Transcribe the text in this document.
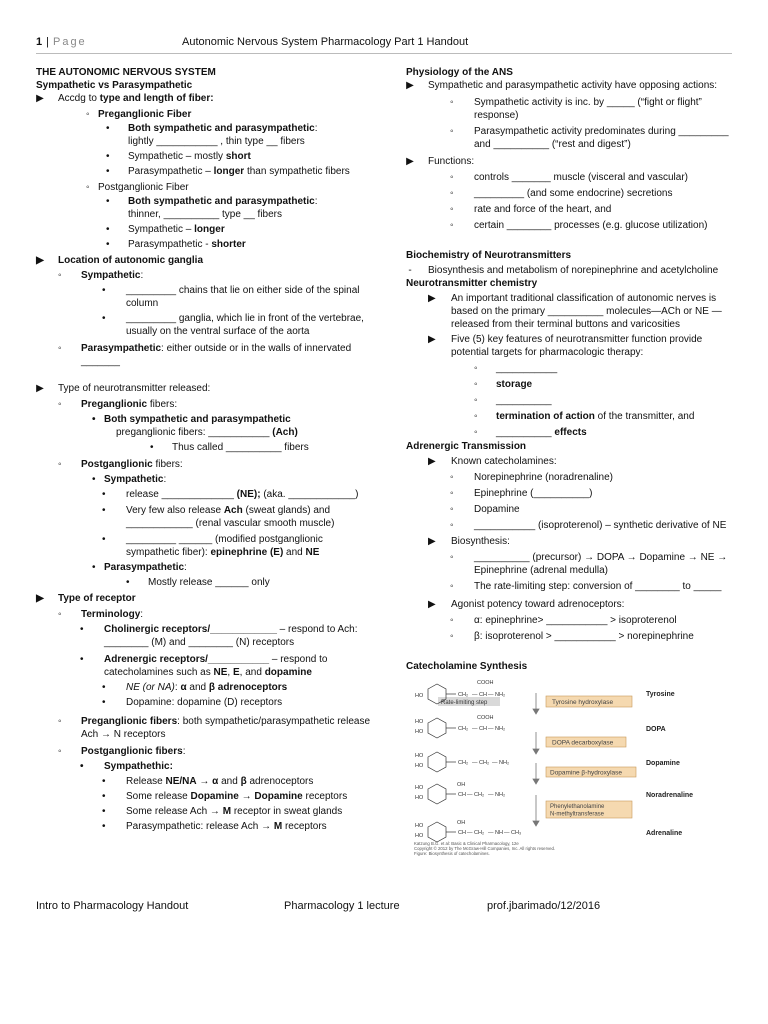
1 | Page	Autonomic Nervous System Pharmacology Part 1 Handout
THE AUTONOMIC NERVOUS SYSTEM
Sympathetic vs Parasympathetic
▶ Accdg to type and length of fiber:
◦ Preganglionic Fiber
• Both sympathetic and parasympathetic:
lightly ___________ , thin type __ fibers
• Sympathetic – mostly short
• Parasympathetic – longer than sympathetic fibers
◦ Postganglionic Fiber
• Both sympathetic and parasympathetic:
thinner, __________ type __ fibers
• Sympathetic – longer
• Parasympathetic - shorter
▶ Location of autonomic ganglia
◦ Sympathetic:
• _________ chains that lie on either side of the spinal column
• _________ ganglia, which lie in front of the vertebrae, usually on the ventral surface of the aorta
◦ Parasympathetic: either outside or in the walls of innervated _______
▶ Type of neurotransmitter released:
◦ Preganglionic fibers:
• Both sympathetic and parasympathetic
preganglionic fibers: ___________ (Ach)
• Thus called __________ fibers
◦ Postganglionic fibers:
• Sympathetic:
• release _____________ (NE); (aka. ____________)
• Very few also release Ach (sweat glands) and ____________ (renal vascular smooth muscle)
• _________ ______ (modified postganglionic sympathetic fiber): epinephrine (E) and NE
• Parasympathetic:
• Mostly release ______ only
▶ Type of receptor
◦ Terminology:
• Cholinergic receptors/____________ – respond to Ach: ________ (M) and ________ (N) receptors
• Adrenergic receptors/___________ – respond to catecholamines such as NE, E, and dopamine
• NE (or NA): α and β adrenoceptors
• Dopamine: dopamine (D) receptors
◦ Preganglionic fibers: both sympathetic/parasympathetic release Ach → N receptors
◦ Postganglionic fibers:
• Sympathethic:
• Release NE/NA → α and β adrenoceptors
• Some release Dopamine → Dopamine receptors
• Some release Ach → M receptor in sweat glands
• Parasympathetic: release Ach → M receptors
Physiology of the ANS
▶ Sympathetic and parasympathetic activity have opposing actions:
◦ Sympathetic activity is inc. by _____ (“fight or flight” response)
◦ Parasympathetic activity predominates during _________ and __________ (“rest and digest”)
▶ Functions:
◦ controls _______ muscle (visceral and vascular)
◦ _________ (and some endocrine) secretions
◦ rate and force of the heart, and
◦ certain ________ processes (e.g. glucose utilization)
Biochemistry of Neurotransmitters
- Biosynthesis and metabolism of norepinephrine and acetylcholine
Neurotransmitter chemistry
▶ An important traditional classification of autonomic nerves is based on the primary __________ molecules—ACh or NE —released from their terminal buttons and varicosities
▶ Five (5) key features of neurotransmitter function provide potential targets for pharmacologic therapy:
◦ ___________
◦ storage
◦ __________
◦ termination of action of the transmitter, and
◦ __________ effects
Adrenergic Transmission
▶ Known catecholamines:
◦ Norepinephrine (noradrenaline)
◦ Epinephrine (__________)
◦ Dopamine
◦ ___________ (isoproterenol) – synthetic derivative of NE
▶ Biosynthesis:
◦ __________ (precursor) → DOPA → Dopamine → NE → Epinephrine (adrenal medulla)
◦ The rate-limiting step: conversion of ________ to _____
▶ Agonist potency toward adrenoceptors:
◦ α: epinephrine> ___________ > isoproterenol
◦ β: isoproterenol > ___________ > norepinephrine
Catecholamine Synthesis
Rate-limiting step	Tyrosine hydroxylase
DOPA decarboxylase
Dopamine β-hydroxylase
Phenylethanolamine
N-methyltransferase
HO
HO
HO
HO
HO
HO
HO
HO
HO
CH₂ — CH — NH₂
COOH
CH₂ — CH — NH₂
COOH
CH₂ — CH₂ — NH₂
CH — CH₂ — NH₂
OH
CH — CH₂ — NH — CH₃
OH
Tyrosine
DOPA
Dopamine
Noradrenaline
Adrenaline
Katzung B.G. et al: Basic & Clinical Pharmacology, 12e
Copyright © 2012 by The McGraw-Hill Companies, Inc. All rights reserved.
Figure: Biosynthesis of catecholamines.
Intro to Pharmacology Handout	Pharmacology 1 lecture	prof.jbarimado/12/2016
